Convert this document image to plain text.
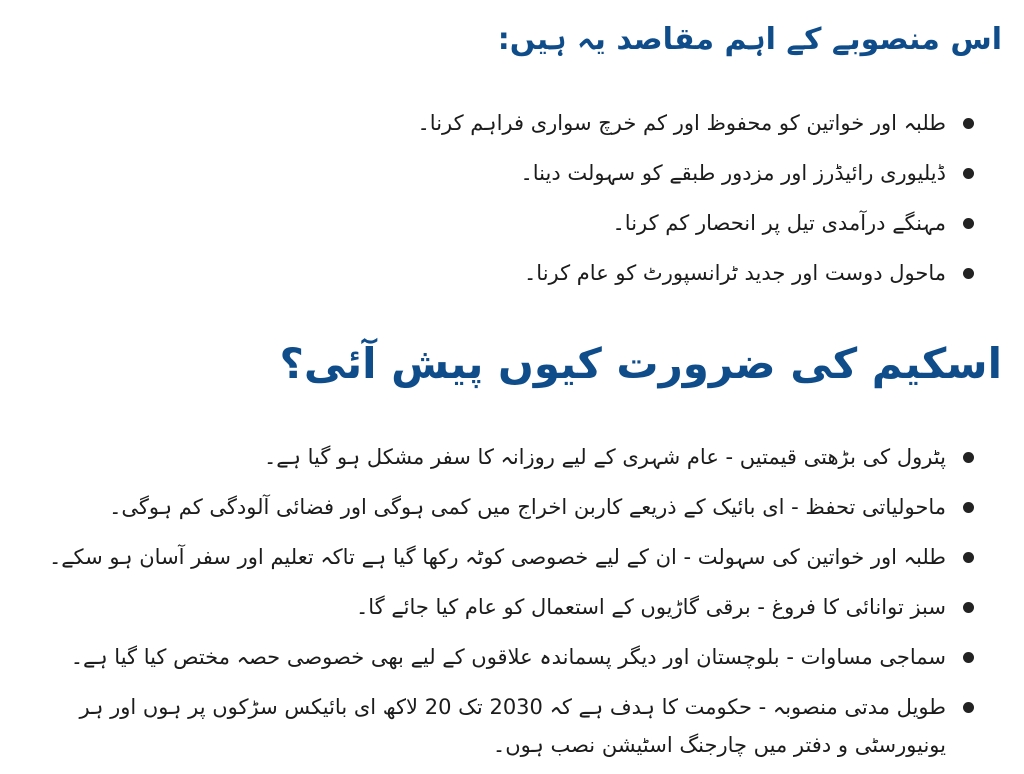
اس منصوبے کے اہم مقاصد یہ ہیں:
طلبہ اور خواتین کو محفوظ اور کم خرچ سواری فراہم کرنا۔
ڈیلیوری رائیڈرز اور مزدور طبقے کو سہولت دینا۔
مہنگے درآمدی تیل پر انحصار کم کرنا۔
ماحول دوست اور جدید ٹرانسپورٹ کو عام کرنا۔
اسکیم کی ضرورت کیوں پیش آئی؟
پٹرول کی بڑھتی قیمتیں - عام شہری کے لیے روزانہ کا سفر مشکل ہو گیا ہے۔
ماحولیاتی تحفظ - ای بائیک کے ذریعے کاربن اخراج میں کمی ہوگی اور فضائی آلودگی کم ہوگی۔
طلبہ اور خواتین کی سہولت - ان کے لیے خصوصی کوٹہ رکھا گیا ہے تاکہ تعلیم اور سفر آسان ہو سکے۔
سبز توانائی کا فروغ - برقی گاڑیوں کے استعمال کو عام کیا جائے گا۔
سماجی مساوات - بلوچستان اور دیگر پسماندہ علاقوں کے لیے بھی خصوصی حصہ مختص کیا گیا ہے۔
طویل مدتی منصوبہ - حکومت کا ہدف ہے کہ 2030 تک 20 لاکھ ای بائیکس سڑکوں پر ہوں اور ہر یونیورسٹی و دفتر میں چارجنگ اسٹیشن نصب ہوں۔
